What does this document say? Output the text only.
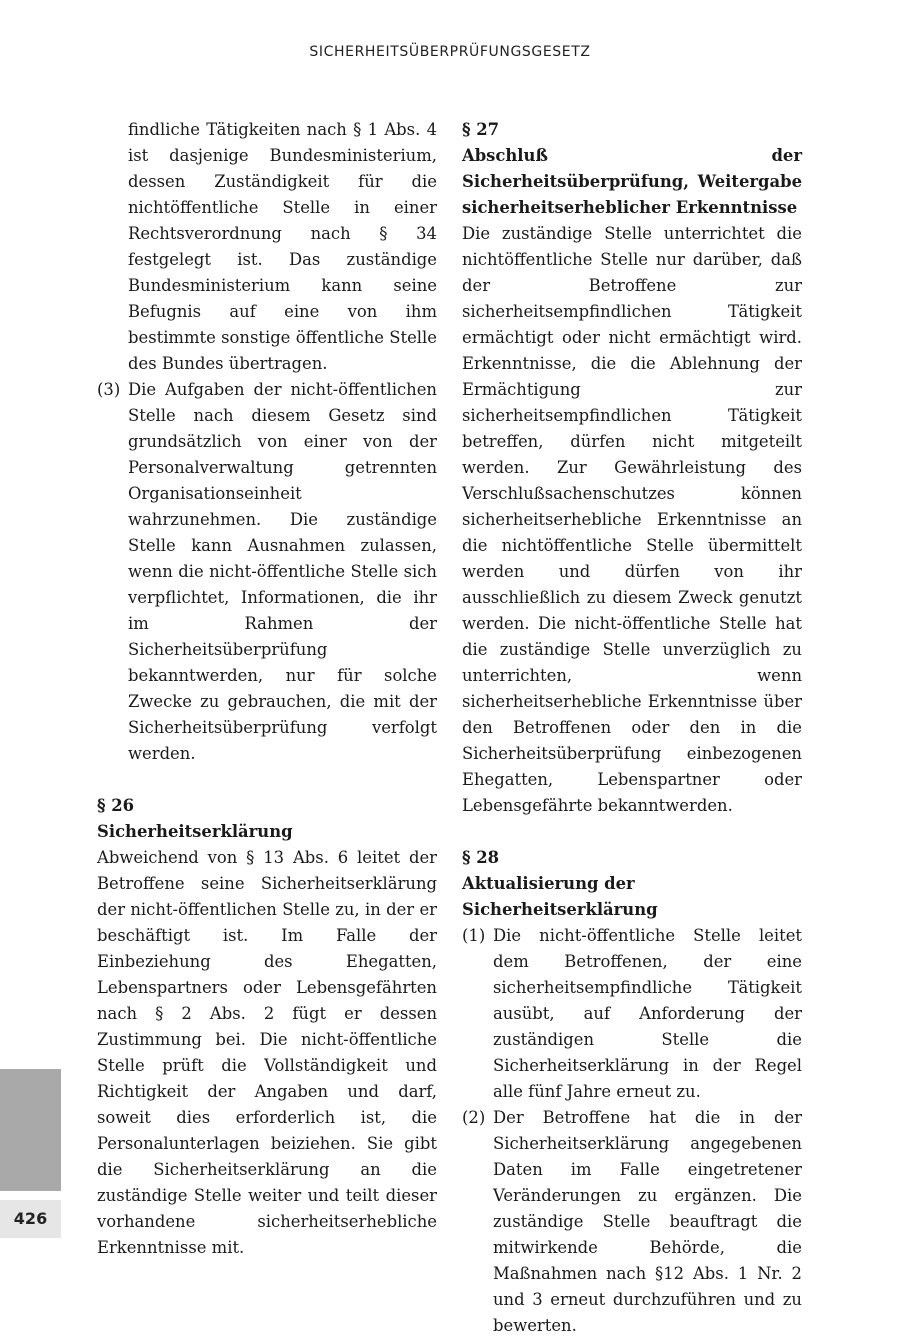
SICHERHEITSÜBERPRÜFUNGSGESETZ

findliche Tätigkeiten nach § 1 Abs. 4 ist dasjenige Bundesministerium, dessen Zuständigkeit für die nichtöffentliche Stelle in einer Rechtsverordnung nach § 34 festgelegt ist. Das zuständige Bundesministerium kann seine Befugnis auf eine von ihm bestimmte sonstige öffentliche Stelle des Bundes übertragen.

(3) Die Aufgaben der nicht-öffentlichen Stelle nach diesem Gesetz sind grundsätzlich von einer von der Personalverwaltung getrennten Organisationseinheit wahrzunehmen. Die zuständige Stelle kann Ausnahmen zulassen, wenn die nicht-öffentliche Stelle sich verpflichtet, Informationen, die ihr im Rahmen der Sicherheitsüberprüfung bekanntwerden, nur für solche Zwecke zu gebrauchen, die mit der Sicherheitsüberprüfung verfolgt werden.

§ 26

Sicherheitserklärung

Abweichend von § 13 Abs. 6 leitet der Betroffene seine Sicherheitserklärung der nicht-öffentlichen Stelle zu, in der er beschäftigt ist. Im Falle der Einbeziehung des Ehegatten, Lebenspartners oder Lebensgefährten nach § 2 Abs. 2 fügt er dessen Zustimmung bei. Die nicht-öffentliche Stelle prüft die Vollständigkeit und Richtigkeit der Angaben und darf, soweit dies erforderlich ist, die Personalunterlagen beiziehen. Sie gibt die Sicherheitserklärung an die zuständige Stelle weiter und teilt dieser vorhandene sicherheitserhebliche Erkenntnisse mit.

§ 27

Abschluß der Sicherheitsüberprüfung, Weitergabe sicherheitserheblicher Erkenntnisse

Die zuständige Stelle unterrichtet die nichtöffentliche Stelle nur darüber, daß der Betroffene zur sicherheitsempfindlichen Tätigkeit ermächtigt oder nicht ermächtigt wird. Erkenntnisse, die die Ablehnung der Ermächtigung zur sicherheitsempfindlichen Tätigkeit betreffen, dürfen nicht mitgeteilt werden. Zur Gewährleistung des Verschlußsachenschutzes können sicherheitserhebliche Erkenntnisse an die nichtöffentliche Stelle übermittelt werden und dürfen von ihr ausschließlich zu diesem Zweck genutzt werden. Die nicht-öffentliche Stelle hat die zuständige Stelle unverzüglich zu unterrichten, wenn sicherheitserhebliche Erkenntnisse über den Betroffenen oder den in die Sicherheitsüberprüfung einbezogenen Ehegatten, Lebenspartner oder Lebensgefährte bekanntwerden.

§ 28

Aktualisierung der Sicherheitserklärung

(1) Die nicht-öffentliche Stelle leitet dem Betroffenen, der eine sicherheitsempfindliche Tätigkeit ausübt, auf Anforderung der zuständigen Stelle die Sicherheitserklärung in der Regel alle fünf Jahre erneut zu.
(2) Der Betroffene hat die in der Sicherheitserklärung angegebenen Daten im Falle eingetretener Veränderungen zu ergänzen. Die zuständige Stelle beauftragt die mitwirkende Behörde, die Maßnahmen nach §12 Abs. 1 Nr. 2 und 3 erneut durchzuführen und zu bewerten.
426
